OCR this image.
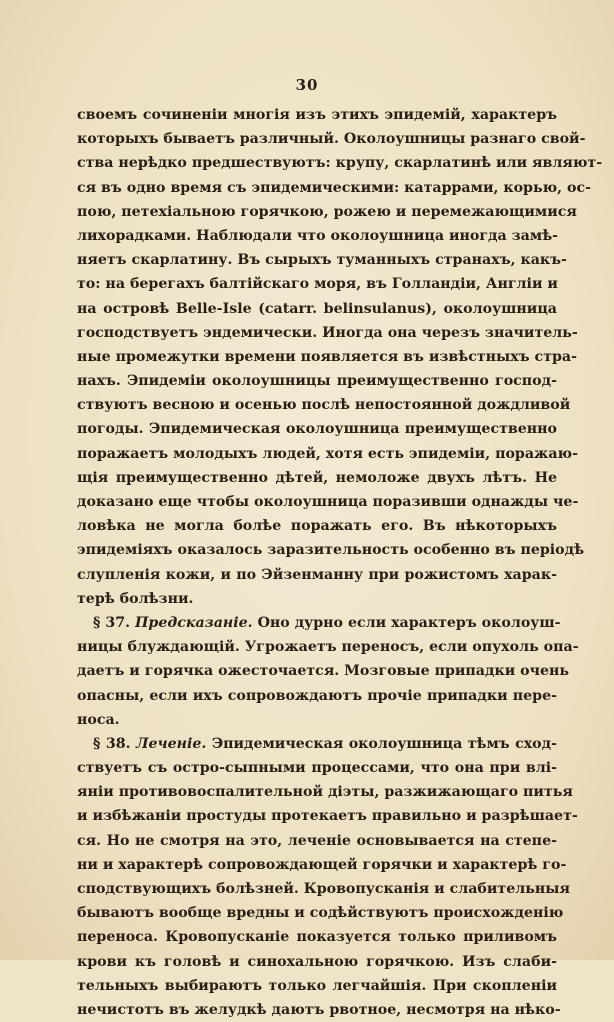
30
своемъ сочиненіи многія изъ этихъ эпидемій, характеръ
которыхъ бываетъ различный. Околоушницы разнаго свой-
ства нерѣдко предшествуютъ: крупу, скарлатинѣ или являют-
ся въ одно время съ эпидемическими: катаррами, корью, ос-
пою, петехіальною горячкою, рожею и перемежающимися
лихорадками. Наблюдали что околоушница иногда замѣ-
няетъ скарлатину. Въ сырыхъ туманныхъ странахъ, какъ-
то: на берегахъ балтійскаго моря, въ Голландіи, Англіи и
на островѣ Belle-Isle (catarr. belinsulanus), околоушница
господствуетъ эндемически. Иногда она черезъ значитель-
ные промежутки времени появляется въ извѣстныхъ стра-
нахъ. Эпидеміи околоушницы преимущественно господ-
ствуютъ весною и осенью послѣ непостоянной дождливой
погоды. Эпидемическая околоушница преимущественно
поражаетъ молодыхъ людей, хотя есть эпидеміи, поражаю-
щія преимущественно дѣтей, немоложе двухъ лѣтъ. Не
доказано еще чтобы околоушница поразивши однажды че-
ловѣка не могла болѣе поражать его. Въ нѣкоторыхъ
эпидеміяхъ оказалось заразительность особенно въ періодѣ
слупленія кожи, и по Эйзенманну при рожистомъ харак-
терѣ болѣзни.
§ 37. Предсказаніе. Оно дурно если характеръ околоуш-
ницы блуждающій. Угрожаетъ переносъ, если опухоль опа-
даетъ и горячка ожесточается. Мозговые припадки очень
опасны, если ихъ сопровождаютъ прочіе припадки пере-
носа.
§ 38. Леченіе. Эпидемическая околоушница тѣмъ сход-
ствуетъ съ остро-сыпными процессами, что она при влі-
яніи противовоспалительной діэты, разжижающаго питья
и избѣжаніи простуды протекаетъ правильно и разрѣшает-
ся. Но не смотря на это, леченіе основывается на степе-
ни и характерѣ сопровождающей горячки и характерѣ го-
сподствующихъ болѣзней. Кровопусканія и слабительныя
бываютъ вообще вредны и содѣйствуютъ происхожденію
переноса. Кровопусканіе показуется только приливомъ
крови къ головѣ и синохальною горячкою. Изъ слаби-
тельныхъ выбираютъ только легчайшія. При скопленіи
нечистотъ въ желудкѣ даютъ рвотное, несмотря на нѣко-
